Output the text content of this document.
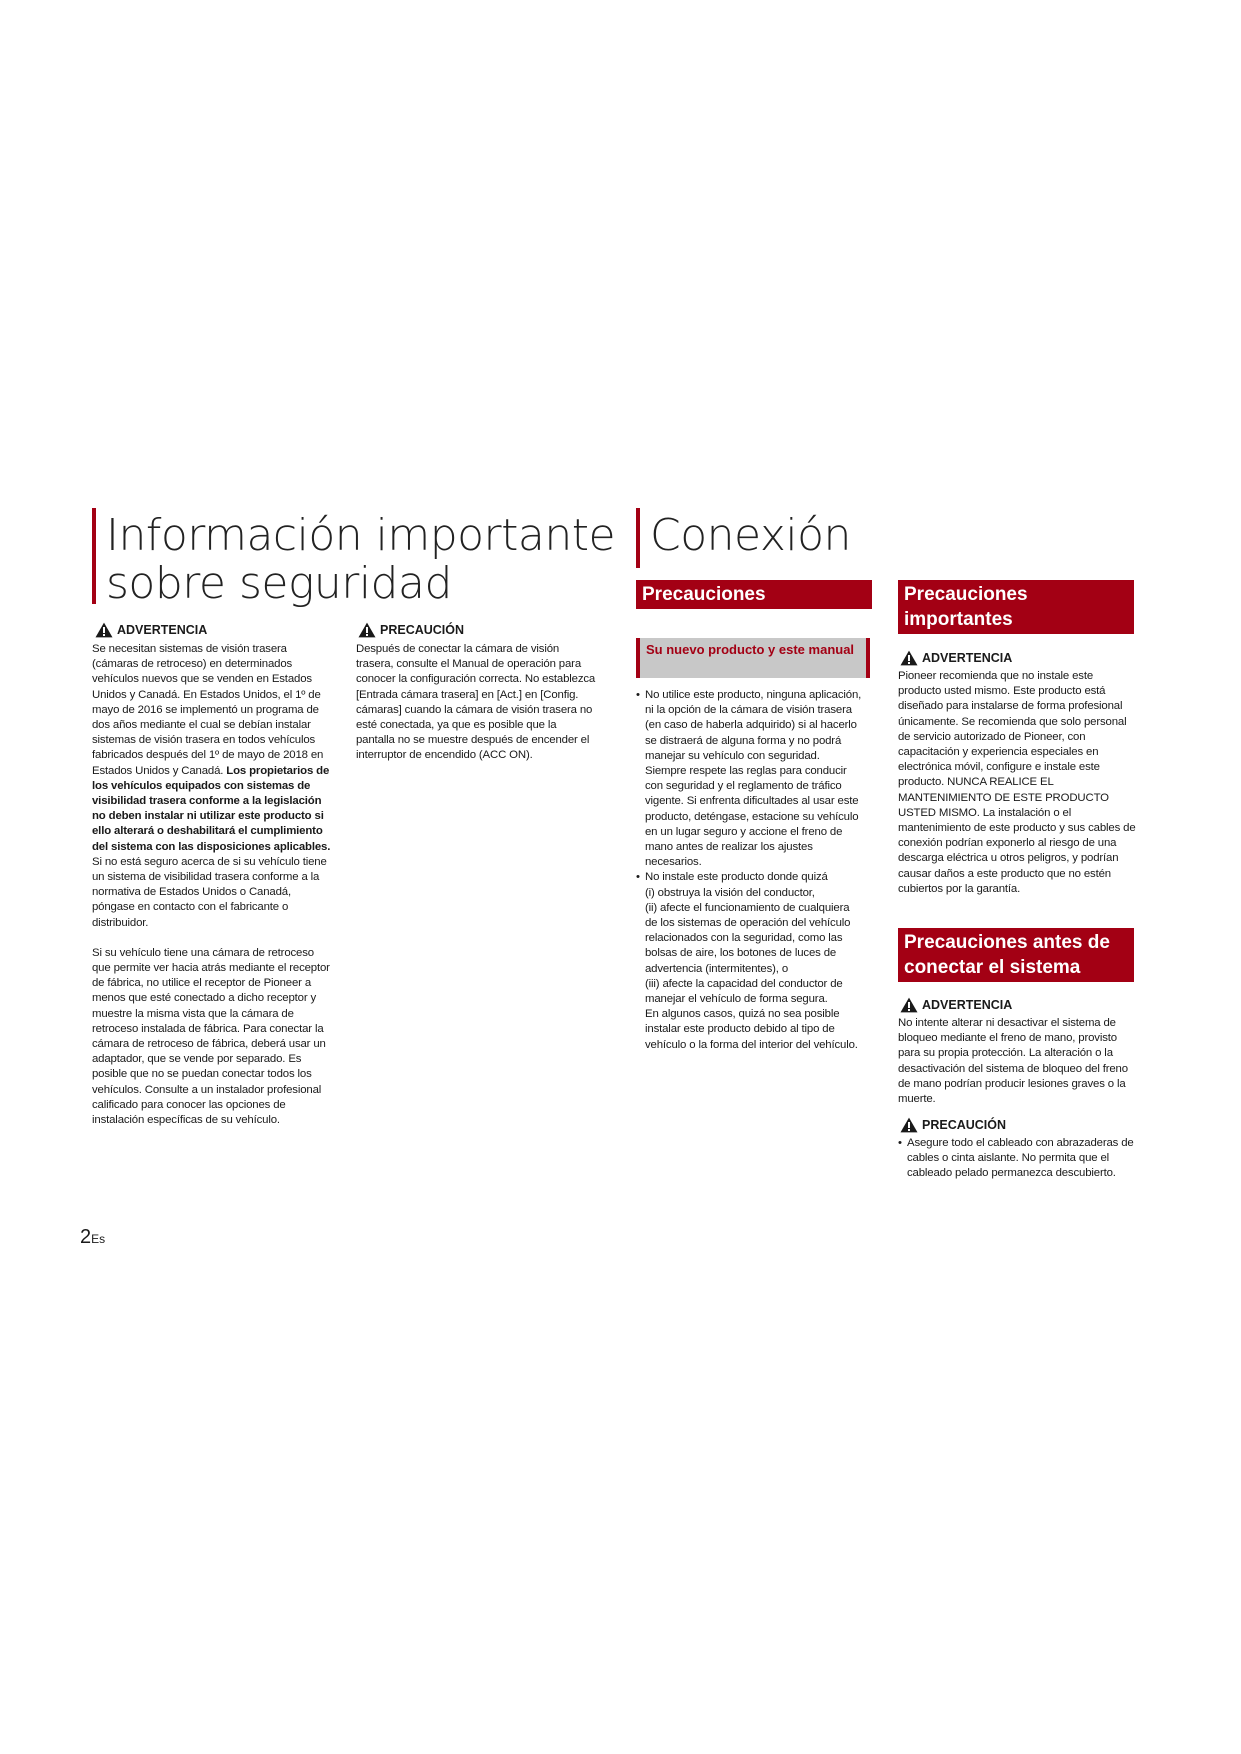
Información importante
sobre seguridad
ADVERTENCIA

Se necesitan sistemas de visión trasera (cámaras de retroceso) en determinados vehículos nuevos que se venden en Estados Unidos y Canadá. En Estados Unidos, el 1º de mayo de 2016 se implementó un programa de dos años mediante el cual se debían instalar sistemas de visión trasera en todos vehículos fabricados después del 1º de mayo de 2018 en Estados Unidos y Canadá. Los propietarios de los vehículos equipados con sistemas de visibilidad trasera conforme a la legislación no deben instalar ni utilizar este producto si ello alterará o deshabilitará el cumplimiento del sistema con las disposiciones aplicables. Si no está seguro acerca de si su vehículo tiene un sistema de visibilidad trasera conforme a la normativa de Estados Unidos o Canadá, póngase en contacto con el fabricante o distribuidor.

Si su vehículo tiene una cámara de retroceso que permite ver hacia atrás mediante el receptor de fábrica, no utilice el receptor de Pioneer a menos que esté conectado a dicho receptor y muestre la misma vista que la cámara de retroceso instalada de fábrica. Para conectar la cámara de retroceso de fábrica, deberá usar un adaptador, que se vende por separado. Es posible que no se puedan conectar todos los vehículos. Consulte a un instalador profesional calificado para conocer las opciones de instalación específicas de su vehículo.

PRECAUCIÓN
Después de conectar la cámara de visión trasera, consulte el Manual de operación para conocer la configuración correcta. No establezca [Entrada cámara trasera] en [Act.] en [Config. cámaras] cuando la cámara de visión trasera no esté conectada, ya que es posible que la pantalla no se muestre después de encender el interruptor de encendido (ACC ON).
Conexión
Precauciones
Su nuevo producto y este manual
• No utilice este producto, ninguna aplicación, ni la opción de la cámara de visión trasera (en caso de haberla adquirido) si al hacerlo se distraerá de alguna forma y no podrá manejar su vehículo con seguridad. Siempre respete las reglas para conducir con seguridad y el reglamento de tráfico vigente. Si enfrenta dificultades al usar este producto, deténgase, estacione su vehículo en un lugar seguro y accione el freno de mano antes de realizar los ajustes necesarios.
• No instale este producto donde quizá
(i) obstruya la visión del conductor,
(ii) afecte el funcionamiento de cualquiera de los sistemas de operación del vehículo relacionados con la seguridad, como las bolsas de aire, los botones de luces de advertencia (intermitentes), o
(iii) afecte la capacidad del conductor de manejar el vehículo de forma segura.
En algunos casos, quizá no sea posible instalar este producto debido al tipo de vehículo o la forma del interior del vehículo.
Precauciones importantes
ADVERTENCIA
Pioneer recomienda que no instale este producto usted mismo. Este producto está diseñado para instalarse de forma profesional únicamente. Se recomienda que solo personal de servicio autorizado de Pioneer, con capacitación y experiencia especiales en electrónica móvil, configure e instale este producto. NUNCA REALICE EL MANTENIMIENTO DE ESTE PRODUCTO USTED MISMO. La instalación o el mantenimiento de este producto y sus cables de conexión podrían exponerlo al riesgo de una descarga eléctrica u otros peligros, y podrían causar daños a este producto que no estén cubiertos por la garantía.
Precauciones antes de conectar el sistema
ADVERTENCIA
No intente alterar ni desactivar el sistema de bloqueo mediante el freno de mano, provisto para su propia protección. La alteración o la desactivación del sistema de bloqueo del freno de mano podrían producir lesiones graves o la muerte.
PRECAUCIÓN
• Asegure todo el cableado con abrazaderas de cables o cinta aislante. No permita que el cableado pelado permanezca descubierto.
2Es
